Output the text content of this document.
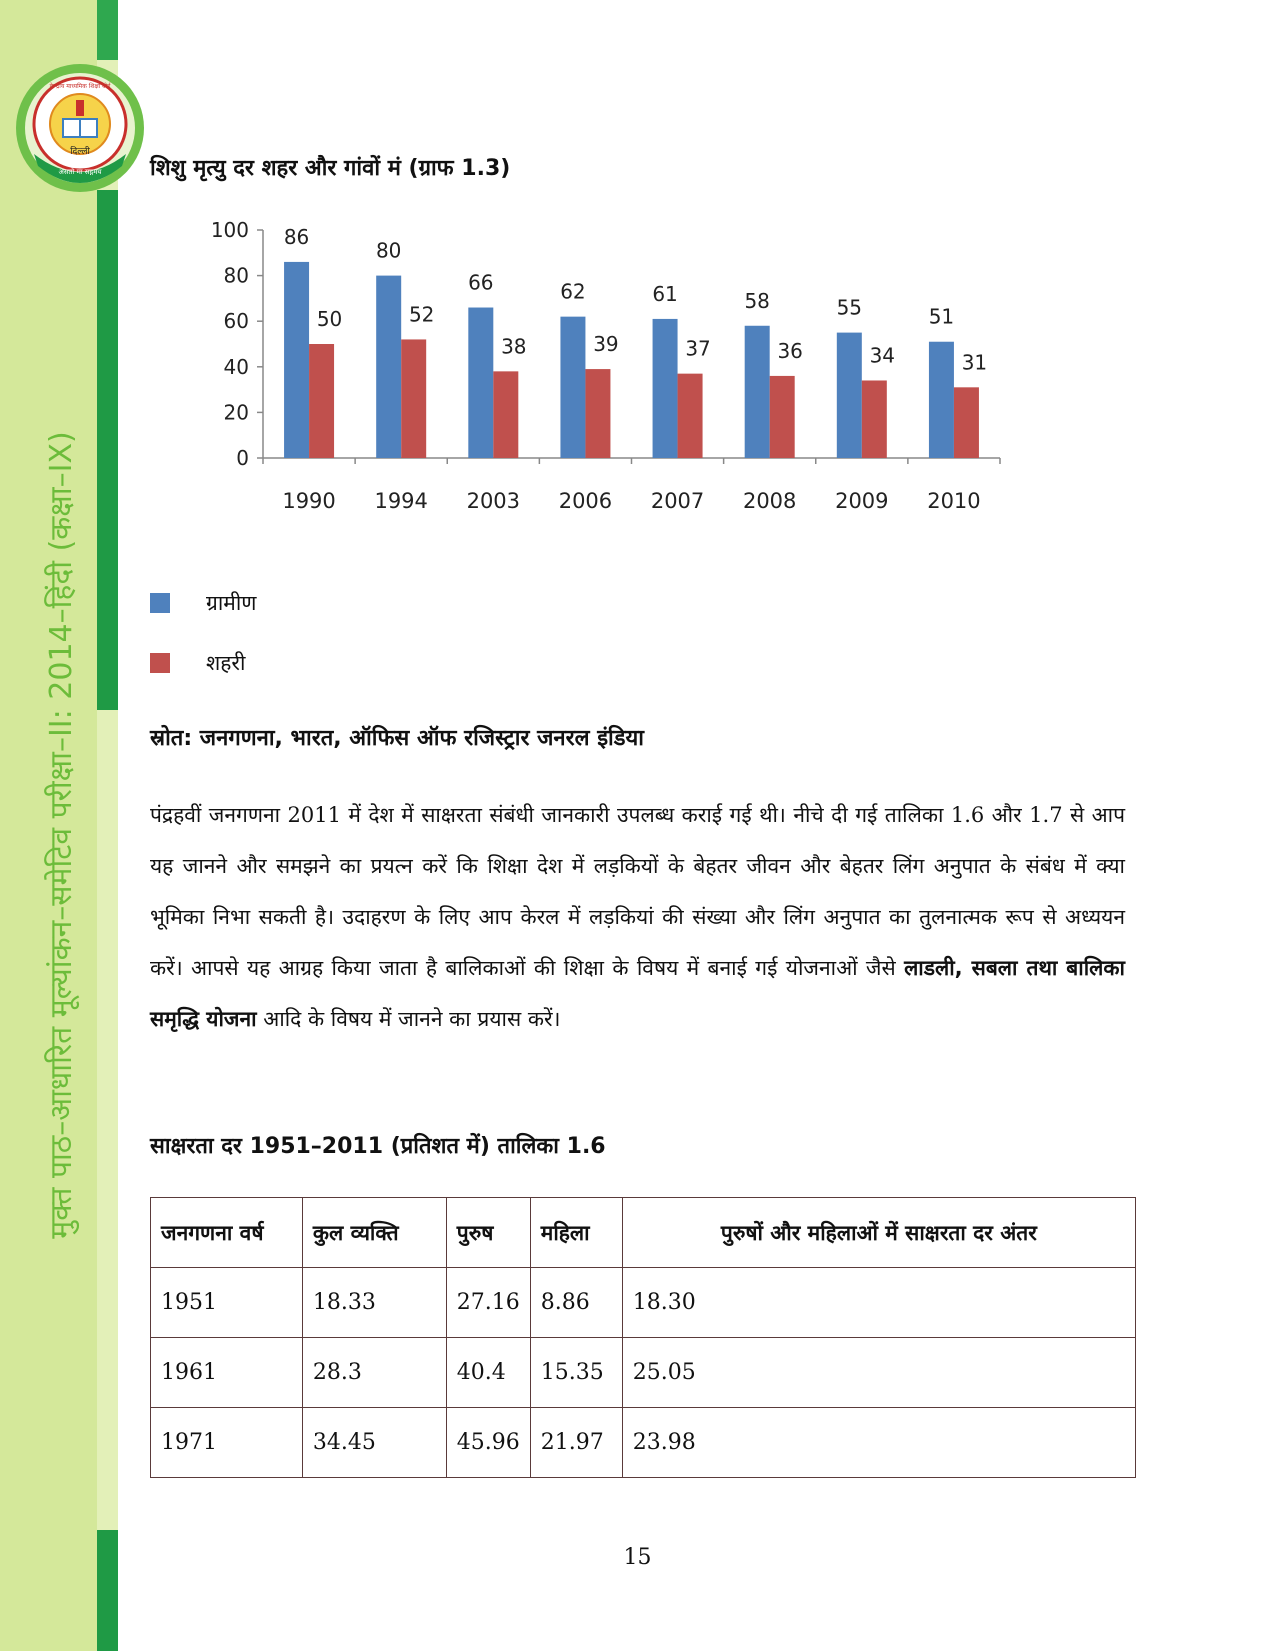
मुक्त पाठ–आधारित मूल्यांकन–समेटिव परीक्षा–II: 2014–हिंदी (कक्षा–IX)
दिल्ली
असतो मा सद्गमय
केन्द्रीय माध्यमिक शिक्षा बोर्ड
शिशु मृत्यु दर शहर और गांवों मं (ग्राफ 1.3)
0
20
40
60
80
100 86
50
1990
80
52
1994
66
38
2003
62
39
2006
61
37
2007
58
36
2008
55
34
2009
51
31
2010
ग्रामीण
शहरी
स्रोत: जनगणना, भारत, ऑफिस ऑफ रजिस्ट्रार जनरल इंडिया

पंद्रहवीं जनगणना 2011 में देश में साक्षरता संबंधी जानकारी उपलब्ध कराई गई थी। नीचे दी गई तालिका 1.6 और 1.7 से आप यह जानने और समझने का प्रयत्न करें कि शिक्षा देश में लड़कियों के बेहतर जीवन और बेहतर लिंग अनुपात के संबंध में क्या भूमिका निभा सकती है। उदाहरण के लिए आप केरल में लड़कियां की संख्या और लिंग अनुपात का तुलनात्मक रूप से अध्ययन करें। आपसे यह आग्रह किया जाता है बालिकाओं की शिक्षा के विषय में बनाई गई योजनाओं जैसे लाडली, सबला तथा बालिका समृद्धि योजना आदि के विषय में जानने का प्रयास करें।

साक्षरता दर 1951–2011 (प्रतिशत में) तालिका 1.6
जनगणना वर्ष	कुल व्यक्ति	पुरुष	महिला	पुरुषों और महिलाओं में साक्षरता दर अंतर
1951	18.33	27.16	8.86	18.30
1961	28.3	40.4	15.35	25.05
1971	34.45	45.96	21.97	23.98
15
